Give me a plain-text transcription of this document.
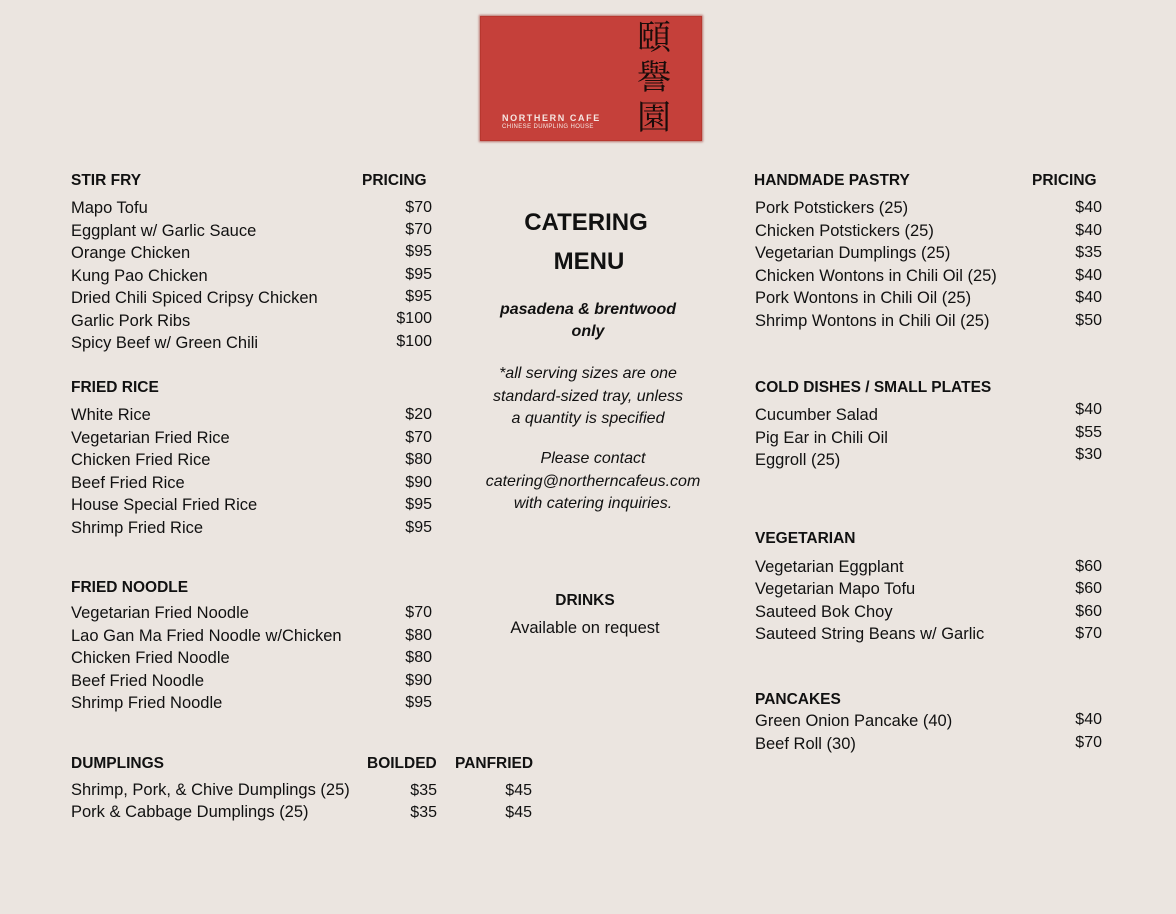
NORTHERN CAFE
CHINESE DUMPLING HOUSE
頤
譽
園
STIR FRY	PRICING
Mapo Tofu	$70
Eggplant w/ Garlic Sauce	$70
Orange Chicken	$95
Kung Pao Chicken	$95
Dried Chili Spiced Cripsy Chicken	$95
Garlic Pork Ribs	$100
Spicy Beef w/ Green Chili	$100
FRIED RICE
White Rice	$20
Vegetarian Fried Rice	$70
Chicken Fried Rice	$80
Beef Fried Rice	$90
House Special Fried Rice	$95
Shrimp Fried Rice	$95
FRIED NOODLE
Vegetarian Fried Noodle	$70
Lao Gan Ma Fried Noodle w/Chicken	$80
Chicken Fried Noodle	$80
Beef Fried Noodle	$90
Shrimp Fried Noodle	$95
DUMPLINGS	BOILDED PANFRIED
Shrimp, Pork, & Chive Dumplings (25)	$35	$45
Pork & Cabbage Dumplings (25)	$35	$45
CATERING
MENU
pasadena & brentwood
only
*all serving sizes are one
standard-sized tray, unless
a quantity is specified
Please contact
catering@northerncafeus.com
with catering inquiries.
DRINKS
Available on request
HANDMADE PASTRY	PRICING
Pork Potstickers (25)	$40
Chicken Potstickers (25)	$40
Vegetarian Dumplings (25)	$35
Chicken Wontons in Chili Oil (25)	$40
Pork Wontons in Chili Oil (25)	$40
Shrimp Wontons in Chili Oil (25)	$50
COLD DISHES / SMALL PLATES
Cucumber Salad	$40
Pig Ear in Chili Oil	$55
Eggroll (25)	$30
VEGETARIAN
Vegetarian Eggplant	$60
Vegetarian Mapo Tofu	$60
Sauteed Bok Choy	$60
Sauteed String Beans w/ Garlic	$70
PANCAKES
Green Onion Pancake (40)	$40
Beef Roll (30)	$70
